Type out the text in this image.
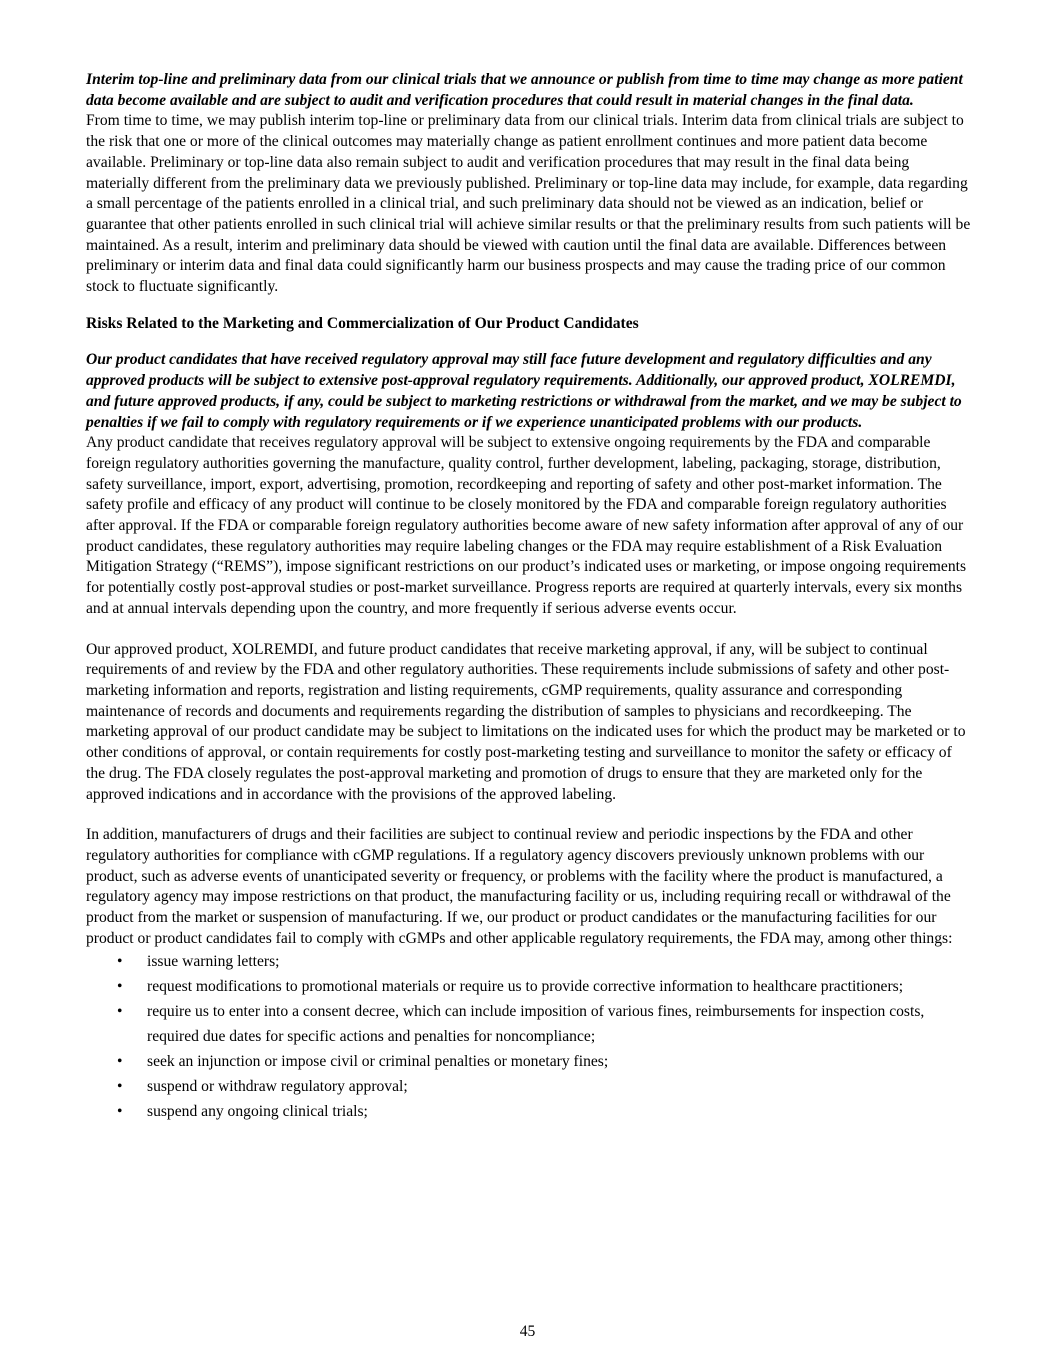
Interim top-line and preliminary data from our clinical trials that we announce or publish from time to time may change as more patient data become available and are subject to audit and verification procedures that could result in material changes in the final data.

From time to time, we may publish interim top-line or preliminary data from our clinical trials. Interim data from clinical trials are subject to the risk that one or more of the clinical outcomes may materially change as patient enrollment continues and more patient data become available. Preliminary or top-line data also remain subject to audit and verification procedures that may result in the final data being materially different from the preliminary data we previously published. Preliminary or top-line data may include, for example, data regarding a small percentage of the patients enrolled in a clinical trial, and such preliminary data should not be viewed as an indication, belief or guarantee that other patients enrolled in such clinical trial will achieve similar results or that the preliminary results from such patients will be maintained. As a result, interim and preliminary data should be viewed with caution until the final data are available. Differences between preliminary or interim data and final data could significantly harm our business prospects and may cause the trading price of our common stock to fluctuate significantly.

Risks Related to the Marketing and Commercialization of Our Product Candidates

Our product candidates that have received regulatory approval may still face future development and regulatory difficulties and any approved products will be subject to extensive post-approval regulatory requirements. Additionally, our approved product, XOLREMDI, and future approved products, if any, could be subject to marketing restrictions or withdrawal from the market, and we may be subject to penalties if we fail to comply with regulatory requirements or if we experience unanticipated problems with our products.

Any product candidate that receives regulatory approval will be subject to extensive ongoing requirements by the FDA and comparable foreign regulatory authorities governing the manufacture, quality control, further development, labeling, packaging, storage, distribution, safety surveillance, import, export, advertising, promotion, recordkeeping and reporting of safety and other post-market information. The safety profile and efficacy of any product will continue to be closely monitored by the FDA and comparable foreign regulatory authorities after approval. If the FDA or comparable foreign regulatory authorities become aware of new safety information after approval of any of our product candidates, these regulatory authorities may require labeling changes or the FDA may require establishment of a Risk Evaluation Mitigation Strategy (“REMS”), impose significant restrictions on our product’s indicated uses or marketing, or impose ongoing requirements for potentially costly post-approval studies or post-market surveillance. Progress reports are required at quarterly intervals, every six months and at annual intervals depending upon the country, and more frequently if serious adverse events occur.

Our approved product, XOLREMDI, and future product candidates that receive marketing approval, if any, will be subject to continual requirements of and review by the FDA and other regulatory authorities. These requirements include submissions of safety and other post-marketing information and reports, registration and listing requirements, cGMP requirements, quality assurance and corresponding maintenance of records and documents and requirements regarding the distribution of samples to physicians and recordkeeping. The marketing approval of our product candidate may be subject to limitations on the indicated uses for which the product may be marketed or to other conditions of approval, or contain requirements for costly post-marketing testing and surveillance to monitor the safety or efficacy of the drug. The FDA closely regulates the post-approval marketing and promotion of drugs to ensure that they are marketed only for the approved indications and in accordance with the provisions of the approved labeling.

In addition, manufacturers of drugs and their facilities are subject to continual review and periodic inspections by the FDA and other regulatory authorities for compliance with cGMP regulations. If a regulatory agency discovers previously unknown problems with our product, such as adverse events of unanticipated severity or frequency, or problems with the facility where the product is manufactured, a regulatory agency may impose restrictions on that product, the manufacturing facility or us, including requiring recall or withdrawal of the product from the market or suspension of manufacturing. If we, our product or product candidates or the manufacturing facilities for our product or product candidates fail to comply with cGMPs and other applicable regulatory requirements, the FDA may, among other things:

• issue warning letters;
• request modifications to promotional materials or require us to provide corrective information to healthcare practitioners;
• require us to enter into a consent decree, which can include imposition of various fines, reimbursements for inspection costs, required due dates for specific actions and penalties for noncompliance;
• seek an injunction or impose civil or criminal penalties or monetary fines;
• suspend or withdraw regulatory approval;
• suspend any ongoing clinical trials;
45
